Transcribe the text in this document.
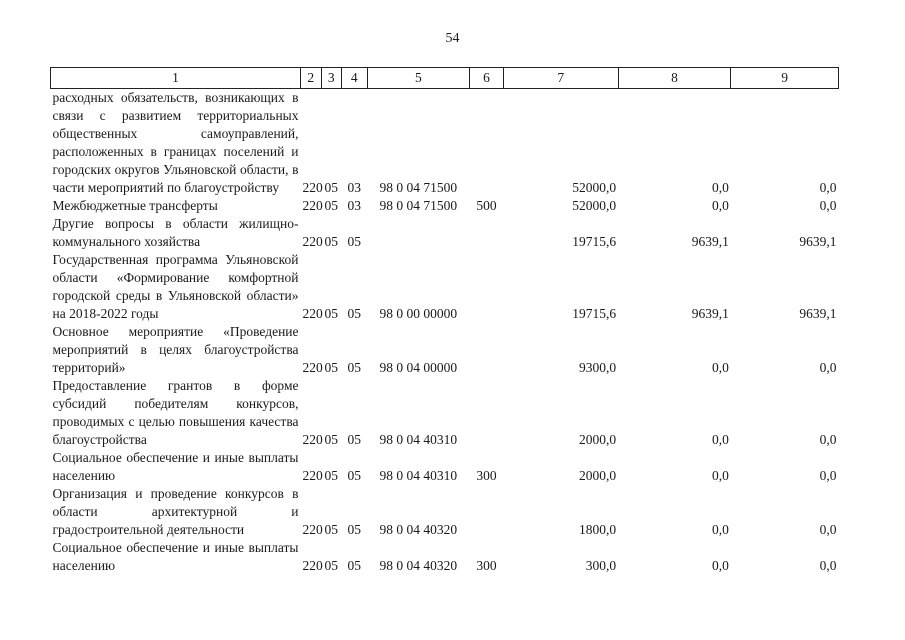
54
1	2	3	4	5	6	7	8	9
расходных обязательств, возникающих в связи с развитием территориальных общественных самоуправлений, расположенных в границах поселений и городских округов Ульяновской области, в части мероприятий по благоустройству	220	05	03	98 0 04 71500		52000,0	0,0	0,0
Межбюджетные трансферты	220	05	03	98 0 04 71500	500	52000,0	0,0	0,0
Другие вопросы в области жилищно-коммунального хозяйства	220	05	05			19715,6	9639,1	9639,1
Государственная программа Ульяновской области «Формирование комфортной городской среды в Ульяновской области» на 2018-2022 годы	220	05	05	98 0 00 00000		19715,6	9639,1	9639,1
Основное мероприятие «Проведение мероприятий в целях благоустройства территорий»	220	05	05	98 0 04 00000		9300,0	0,0	0,0
Предоставление грантов в форме субсидий победителям конкурсов, проводимых с целью повышения качества благоустройства	220	05	05	98 0 04 40310		2000,0	0,0	0,0
Социальное обеспечение и иные выплаты населению	220	05	05	98 0 04 40310	300	2000,0	0,0	0,0
Организация и проведение конкурсов в области архитектурной и градостроительной деятельности	220	05	05	98 0 04 40320		1800,0	0,0	0,0
Социальное обеспечение и иные выплаты населению	220	05	05	98 0 04 40320	300	300,0	0,0	0,0
